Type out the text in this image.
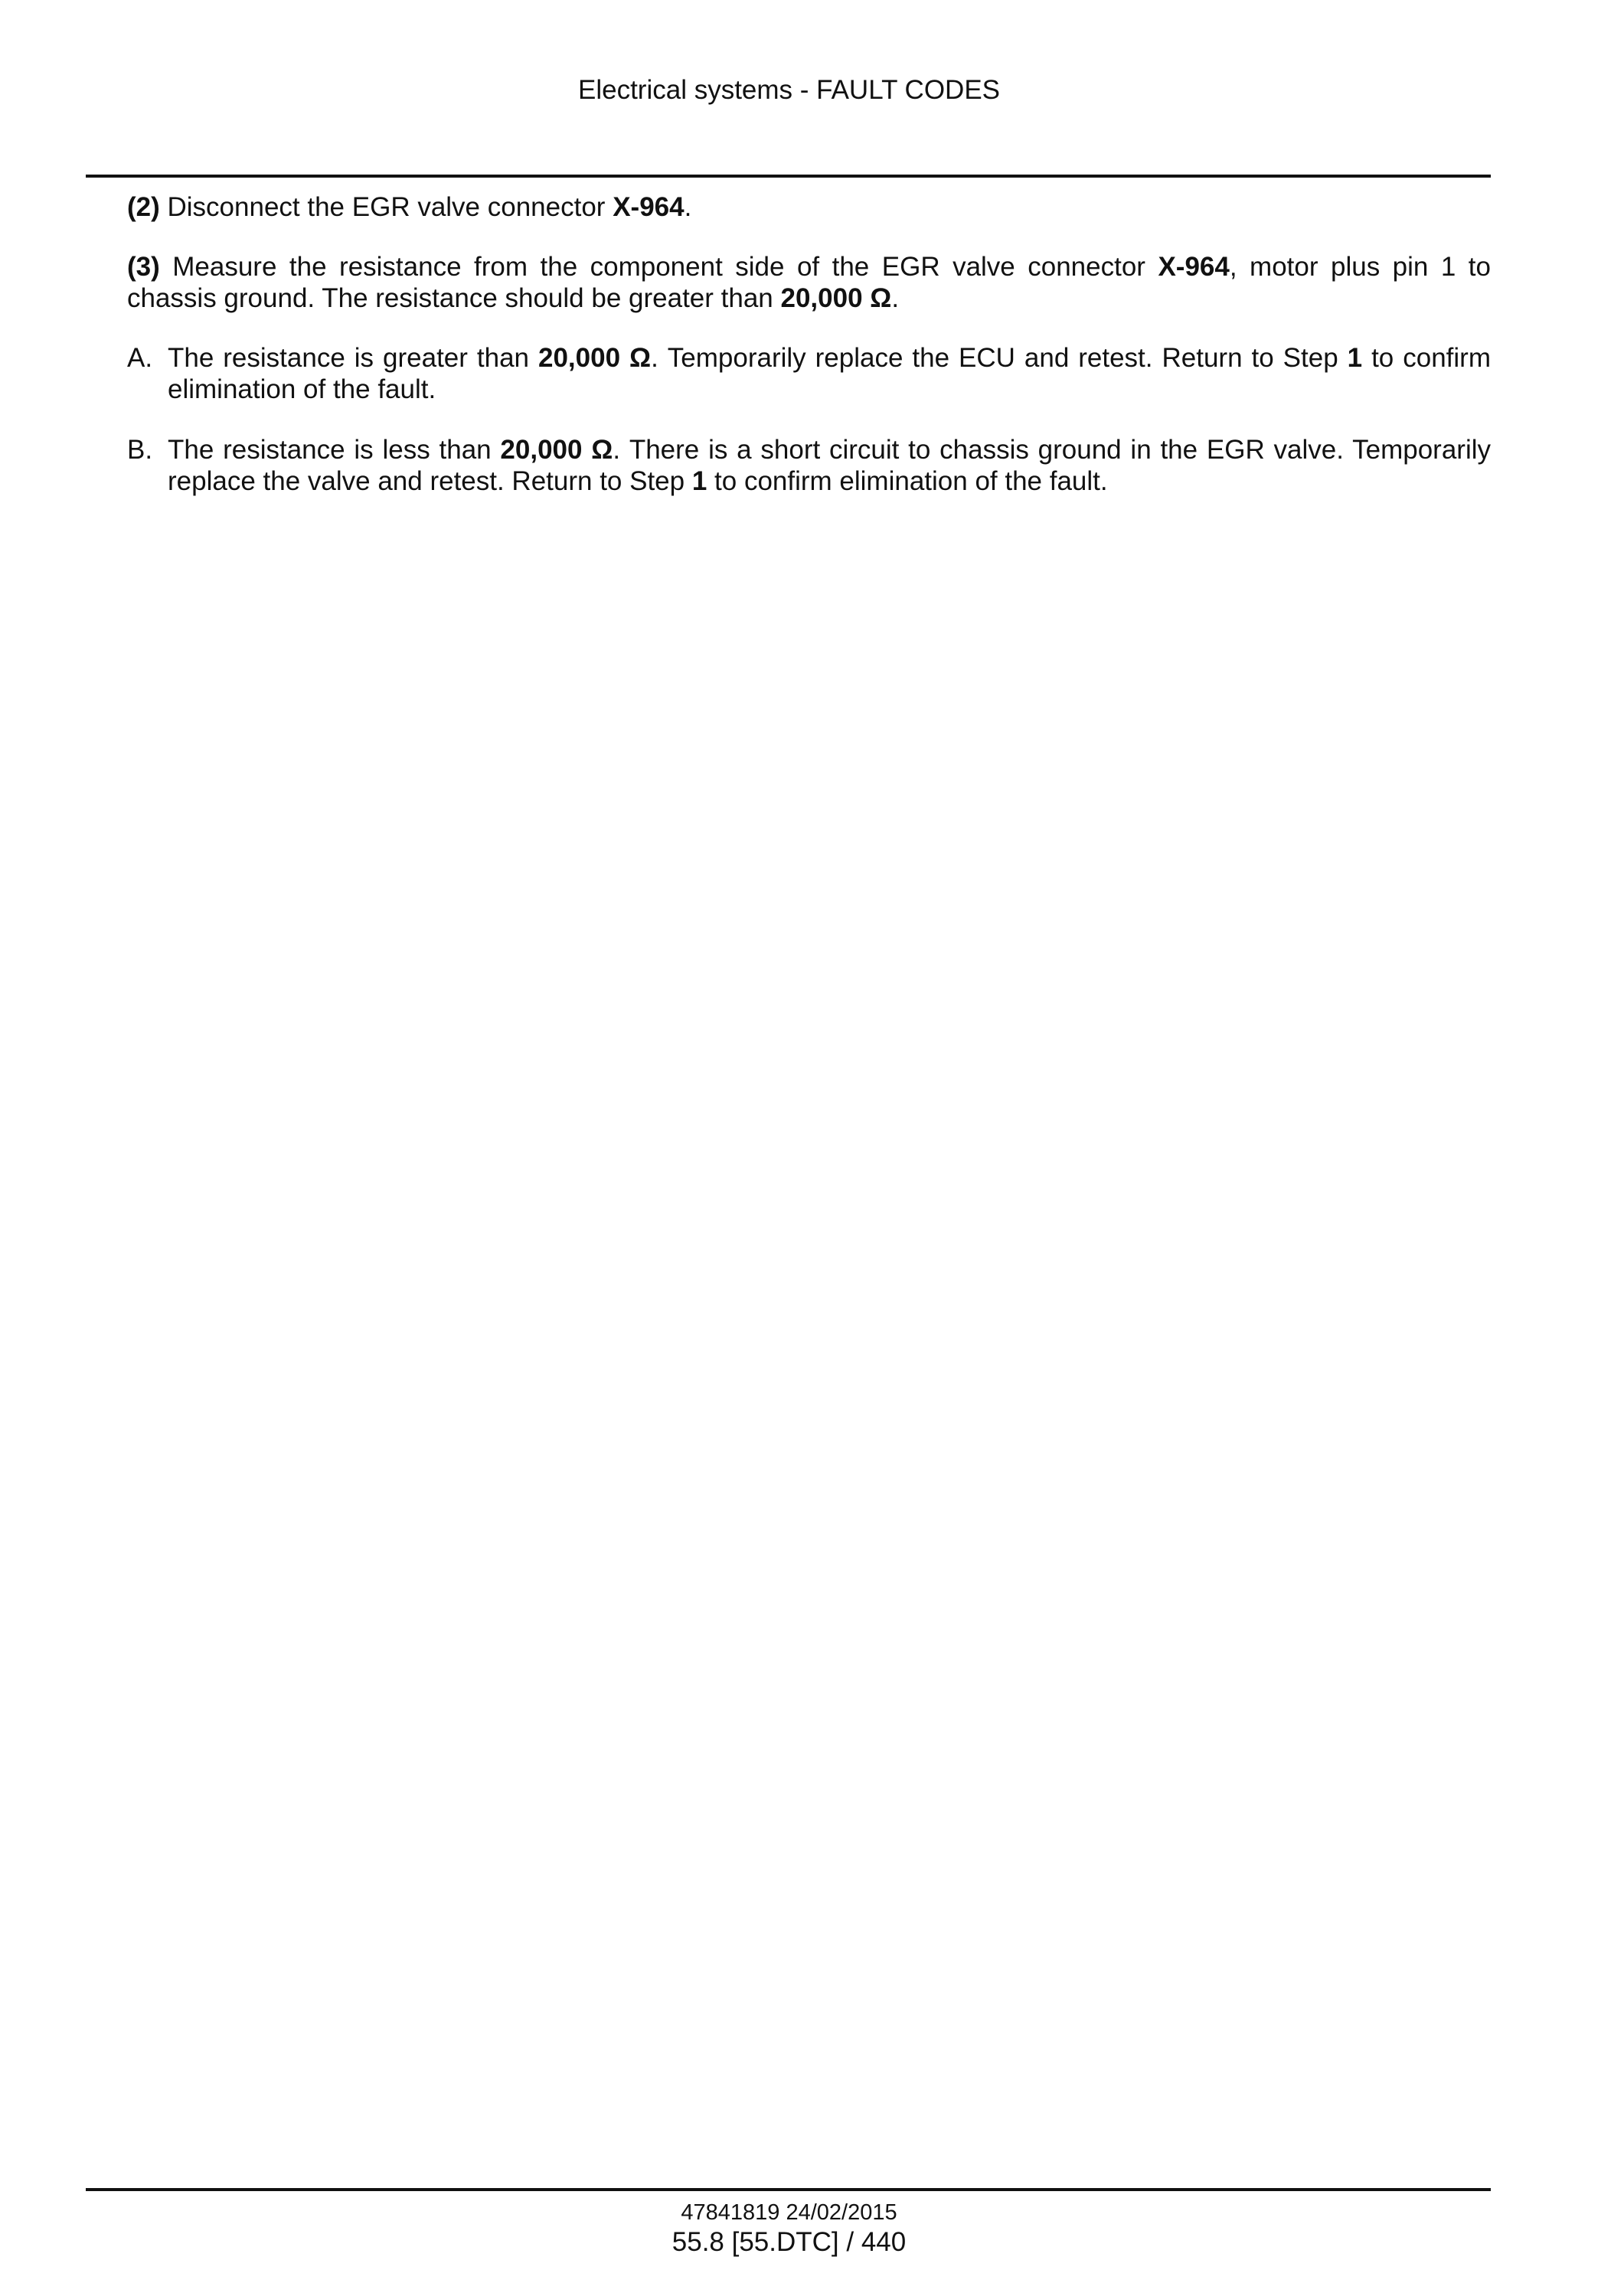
Electrical systems - FAULT CODES

(2) Disconnect the EGR valve connector X-964.

(3) Measure the resistance from the component side of the EGR valve connector X-964, motor plus pin 1 to chassis ground. The resistance should be greater than 20,000 Ω.

A. The resistance is greater than 20,000 Ω. Temporarily replace the ECU and retest. Return to Step 1 to confirm elimination of the fault.
B. The resistance is less than 20,000 Ω. There is a short circuit to chassis ground in the EGR valve. Temporarily replace the valve and retest. Return to Step 1 to confirm elimination of the fault.
47841819 24/02/2015
55.8 [55.DTC] / 440
